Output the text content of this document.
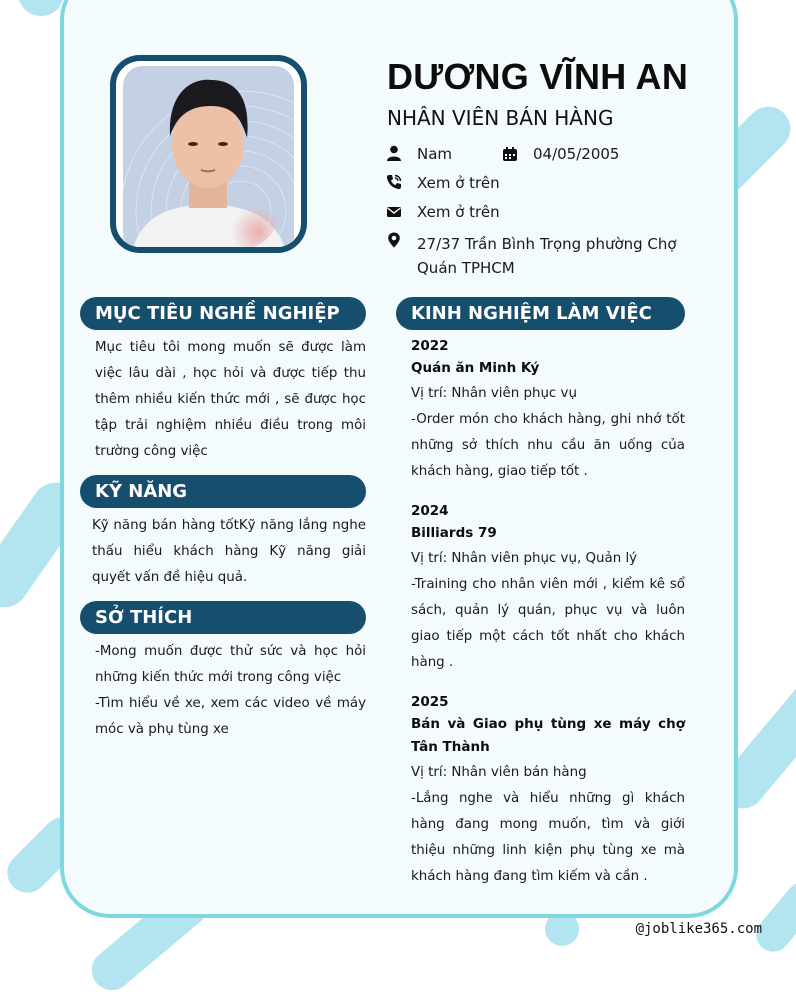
DƯƠNG VĨNH AN
NHÂN VIÊN BÁN HÀNG
Nam	04/05/2005
Xem ở trên
Xem ở trên
27/37 Trần Bình Trọng phường Chợ Quán TPHCM
MỤC TIÊU NGHỀ NGHIỆP
Mục tiêu tôi mong muốn sẽ được làm việc lâu dài , học hỏi và được tiếp thu thêm nhiều kiến thức mới , sẽ được học tập trải nghiệm nhiều điều trong môi trường công việc
KỸ NĂNG
Kỹ năng bán hàng tốtKỹ năng lắng nghe thấu hiểu khách hàng Kỹ năng giải quyết vấn đề hiệu quả.
SỞ THÍCH
-Mong muốn được thử sức và học hỏi những kiến thức mới trong công việc
-Tìm hiểu về xe, xem các video về máy móc và phụ tùng xe
KINH NGHIỆM LÀM VIỆC
2022
Quán ăn Minh Ký
Vị trí: Nhân viên phục vụ
-Order món cho khách hàng, ghi nhớ tốt những sở thích nhu cầu ăn uống của khách hàng, giao tiếp tốt .
2024
Billiards 79
Vị trí: Nhân viên phục vụ, Quản lý
-Training cho nhân viên mới , kiểm kê sổ sách, quản lý quán, phục vụ và luôn giao tiếp một cách tốt nhất cho khách hàng .
2025
Bán và Giao phụ tùng xe máy chợ Tân Thành
Vị trí: Nhân viên bán hàng
-Lắng nghe và hiểu những gì khách hàng đang mong muốn, tìm và giới thiệu những linh kiện phụ tùng xe mà khách hàng đang tìm kiếm và cần .
@joblike365.com
